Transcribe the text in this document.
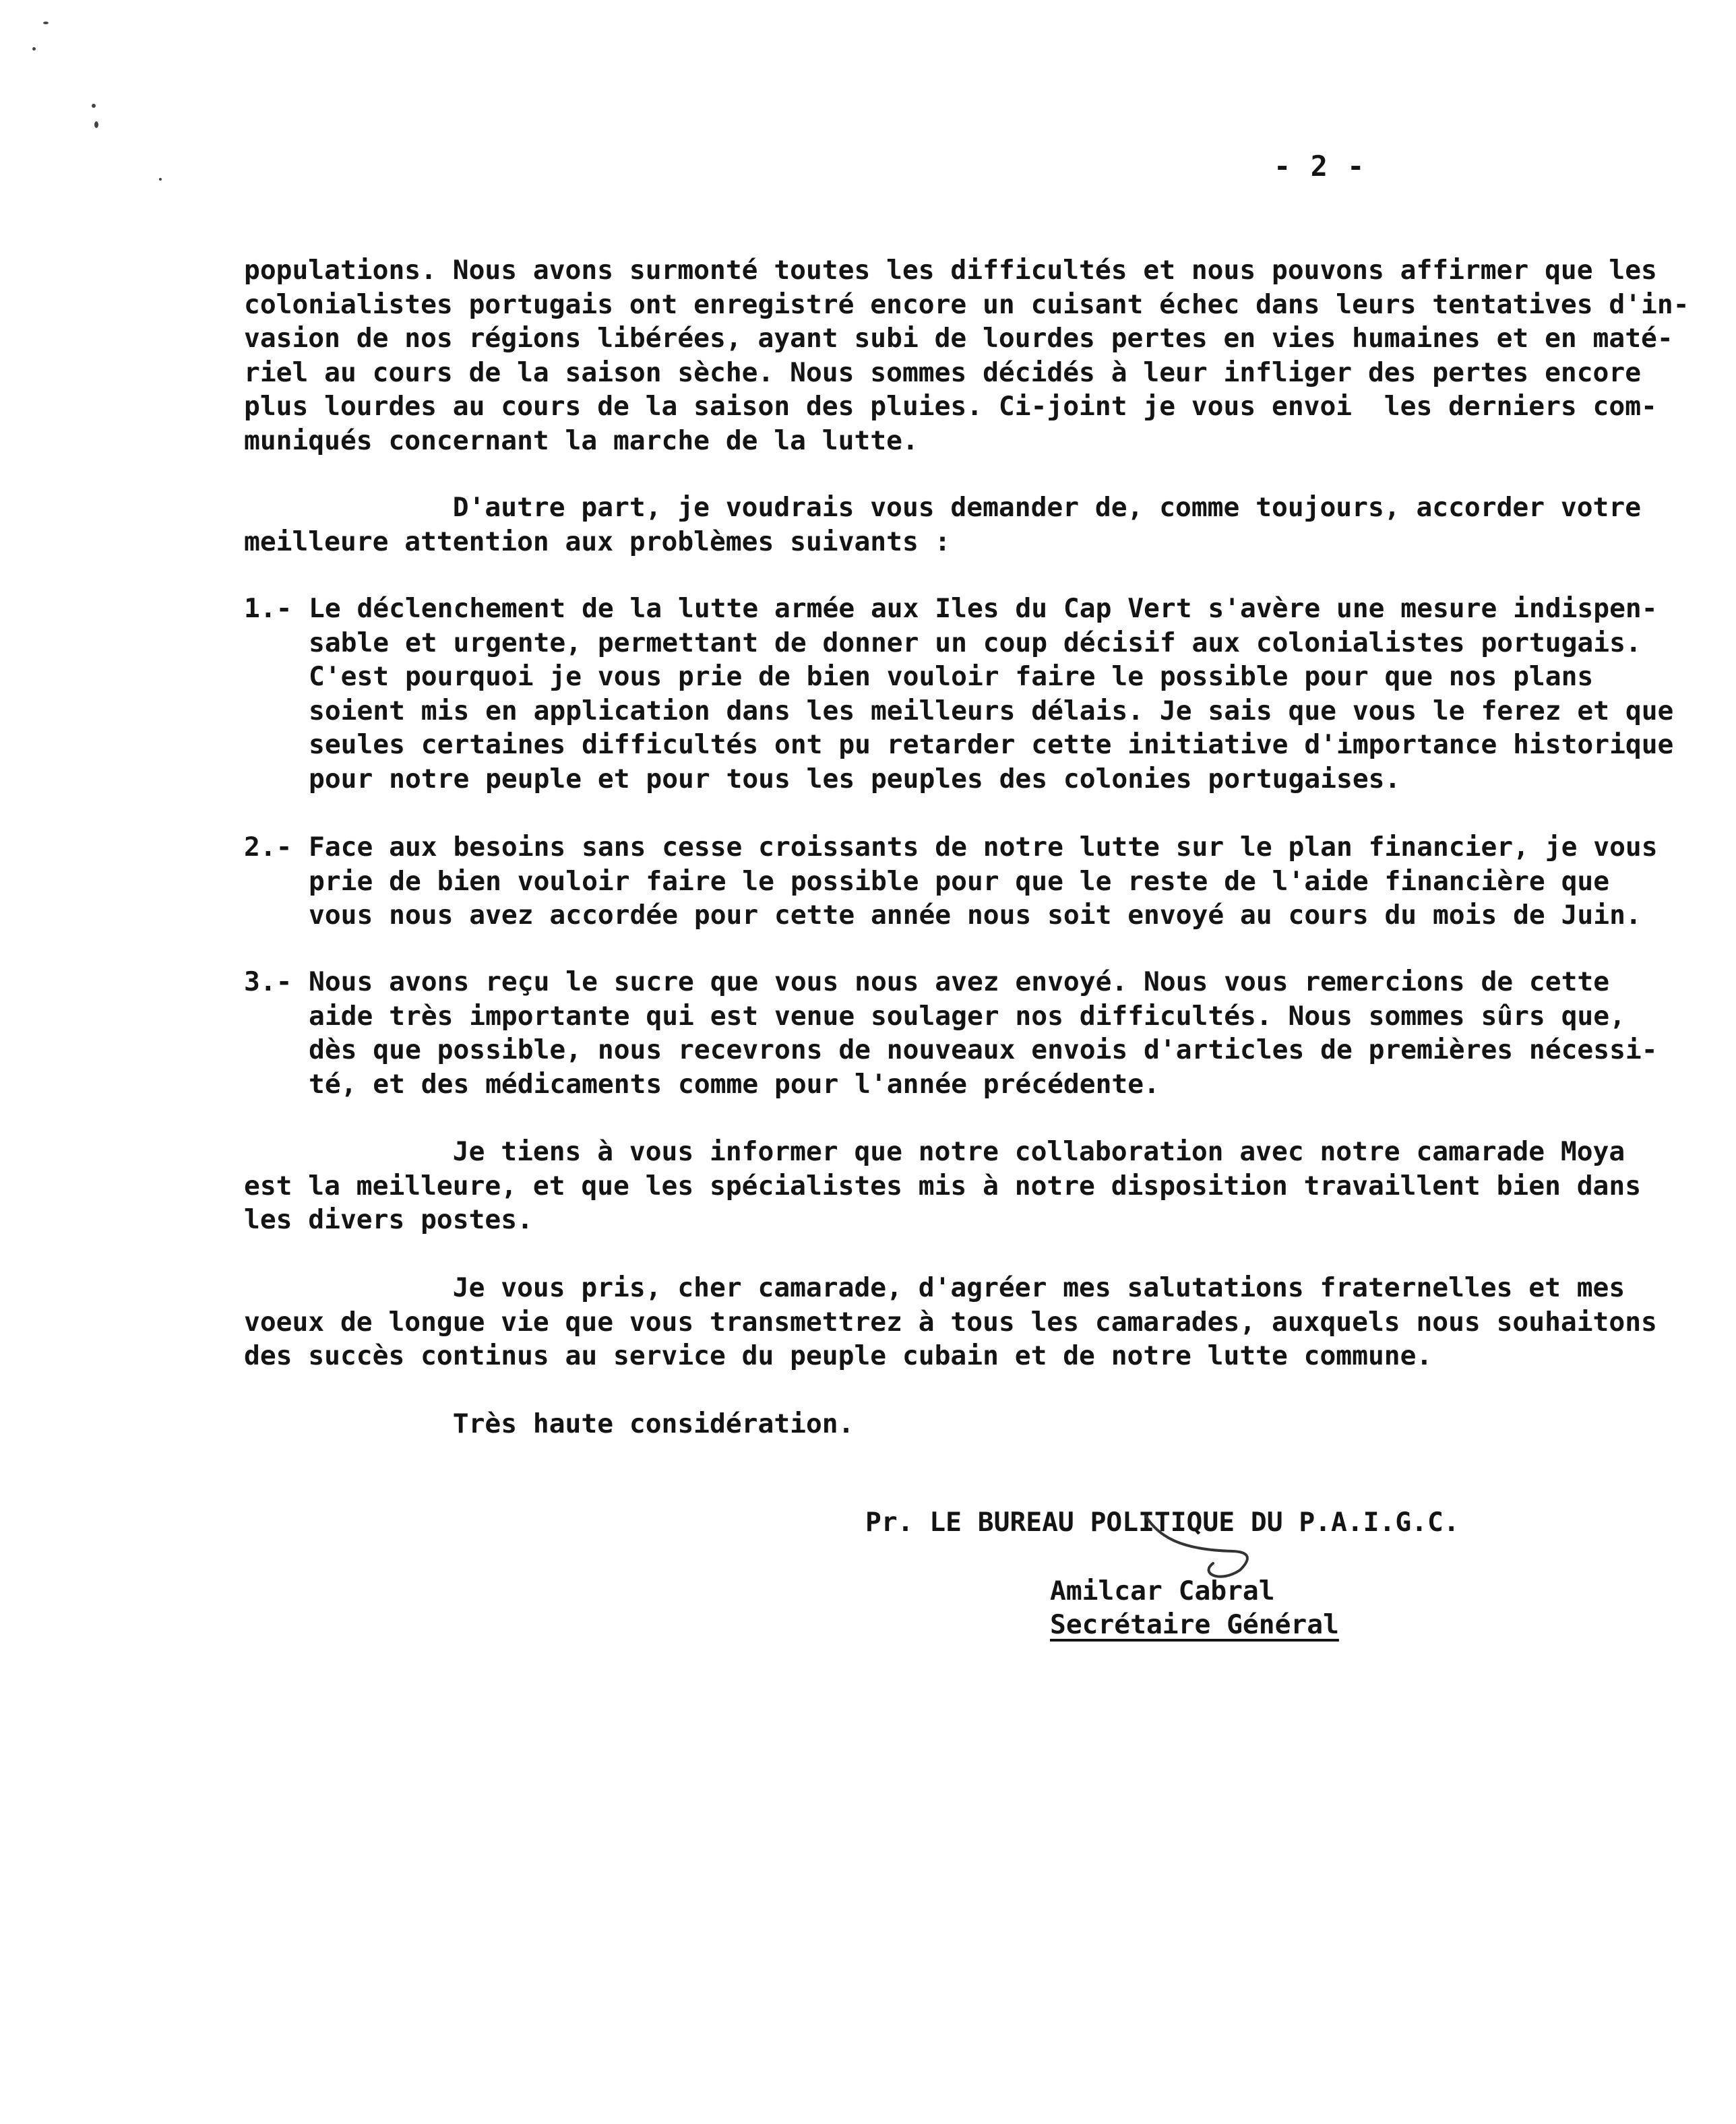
- 2 -
populations. Nous avons surmonté toutes les difficultés et nous pouvons affirmer que les
colonialistes portugais ont enregistré encore un cuisant échec dans leurs tentatives d'in-
vasion de nos régions libérées, ayant subi de lourdes pertes en vies humaines et en maté-
riel au cours de la saison sèche. Nous sommes décidés à leur infliger des pertes encore
plus lourdes au cours de la saison des pluies. Ci-joint je vous envoi  les derniers com-
muniqués concernant la marche de la lutte.
D'autre part, je voudrais vous demander de, comme toujours, accorder votre
meilleure attention aux problèmes suivants :
1.- Le déclenchement de la lutte armée aux Iles du Cap Vert s'avère une mesure indispen-
sable et urgente, permettant de donner un coup décisif aux colonialistes portugais.
C'est pourquoi je vous prie de bien vouloir faire le possible pour que nos plans
soient mis en application dans les meilleurs délais. Je sais que vous le ferez et que
seules certaines difficultés ont pu retarder cette initiative d'importance historique
pour notre peuple et pour tous les peuples des colonies portugaises.
2.- Face aux besoins sans cesse croissants de notre lutte sur le plan financier, je vous
prie de bien vouloir faire le possible pour que le reste de l'aide financière que
vous nous avez accordée pour cette année nous soit envoyé au cours du mois de Juin.
3.- Nous avons reçu le sucre que vous nous avez envoyé. Nous vous remercions de cette
aide très importante qui est venue soulager nos difficultés. Nous sommes sûrs que,
dès que possible, nous recevrons de nouveaux envois d'articles de premières nécessi-
té, et des médicaments comme pour l'année précédente.
Je tiens à vous informer que notre collaboration avec notre camarade Moya
est la meilleure, et que les spécialistes mis à notre disposition travaillent bien dans
les divers postes.
Je vous pris, cher camarade, d'agréer mes salutations fraternelles et mes
voeux de longue vie que vous transmettrez à tous les camarades, auxquels nous souhaitons
des succès continus au service du peuple cubain et de notre lutte commune.
Très haute considération.
Pr. LE BUREAU POLITIQUE DU P.A.I.G.C.
Amilcar Cabral
Secrétaire Général
